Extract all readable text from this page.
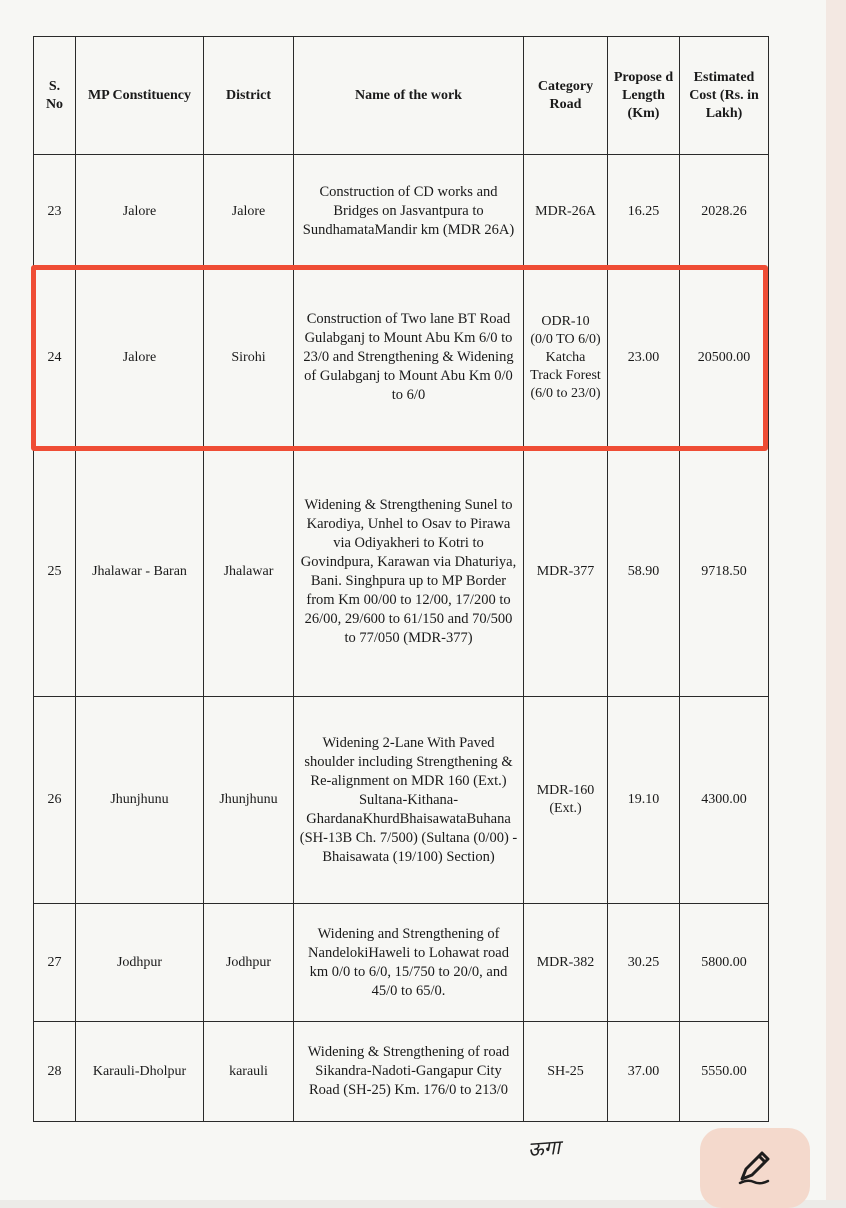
S. No	MP Constituency	District	Name of the work	Category Road	Propose d Length (Km)	Estimated Cost (Rs. in Lakh)
23	Jalore	Jalore	Construction of CD works and Bridges on Jasvantpura to SundhamataMandir km (MDR 26A)	MDR-26A	16.25	2028.26
24	Jalore	Sirohi	Construction of Two lane BT Road Gulabganj to Mount Abu Km 6/0 to 23/0 and Strengthening & Widening of Gulabganj to Mount Abu Km 0/0 to 6/0	ODR-10 (0/0 TO 6/0) Katcha Track Forest (6/0 to 23/0)	23.00	20500.00
25	Jhalawar - Baran	Jhalawar	Widening & Strengthening Sunel to Karodiya, Unhel to Osav to Pirawa via Odiyakheri to Kotri to Govindpura, Karawan via Dhaturiya, Bani. Singhpura up to MP Border from Km 00/00 to 12/00, 17/200 to 26/00, 29/600 to 61/150 and 70/500 to 77/050 (MDR-377)	MDR-377	58.90	9718.50
26	Jhunjhunu	Jhunjhunu	Widening 2-Lane With Paved shoulder including Strengthening & Re-alignment on MDR 160 (Ext.) Sultana-Kithana-GhardanaKhurdBhaisawataBuhana (SH-13B Ch. 7/500) (Sultana (0/00) - Bhaisawata (19/100) Section)	MDR-160 (Ext.)	19.10	4300.00
27	Jodhpur	Jodhpur	Widening and Strengthening of NandelokiHaweli to Lohawat road km 0/0 to 6/0, 15/750 to 20/0, and 45/0 to 65/0.	MDR-382	30.25	5800.00
28	Karauli-Dholpur	karauli	Widening & Strengthening of road Sikandra-Nadoti-Gangapur City Road (SH-25) Km. 176/0 to 213/0	SH-25	37.00	5550.00
ऊगा
